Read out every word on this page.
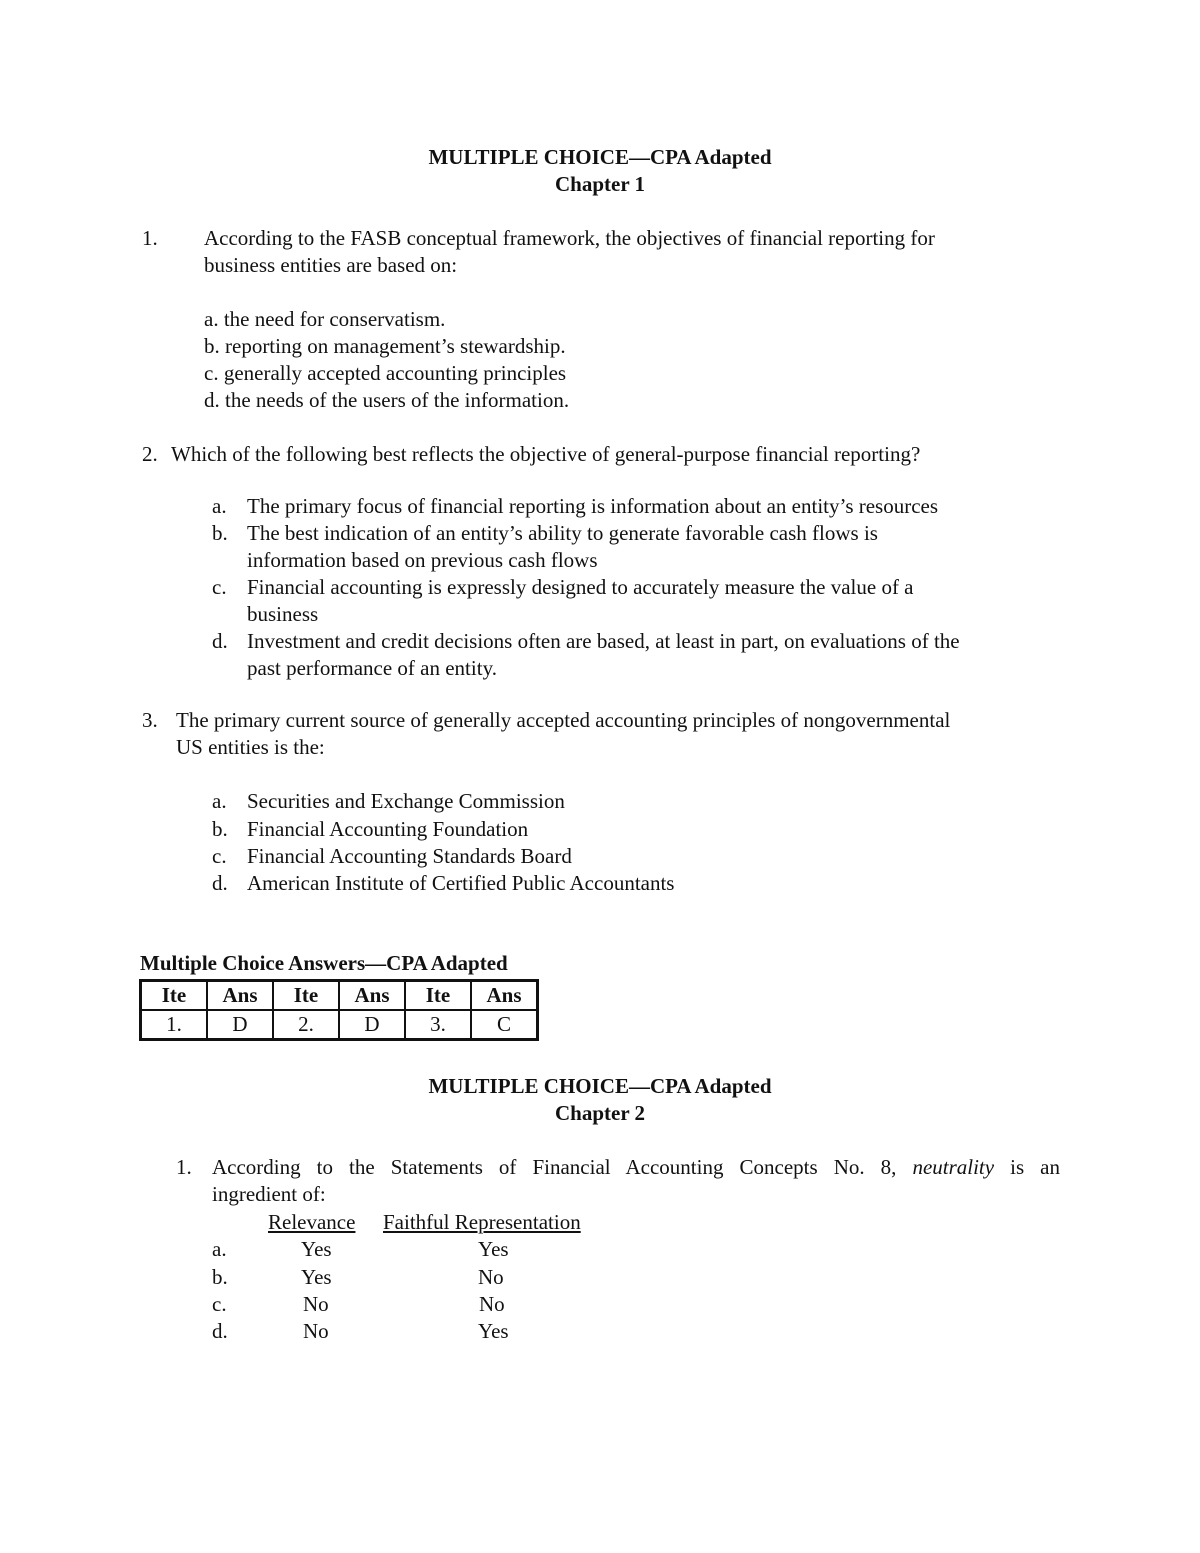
MULTIPLE CHOICE—CPA Adapted
Chapter 1
1. According to the FASB conceptual framework, the objectives of financial reporting for
business entities are based on:
a. the need for conservatism.
b. reporting on management’s stewardship.
c. generally accepted accounting principles
d. the needs of the users of the information.
2. Which of the following best reflects the objective of general-purpose financial reporting?
a. The primary focus of financial reporting is information about an entity’s resources
b. The best indication of an entity’s ability to generate favorable cash flows is
information based on previous cash flows
c. Financial accounting is expressly designed to accurately measure the value of a
business
d. Investment and credit decisions often are based, at least in part, on evaluations of the
past performance of an entity.
3. The primary current source of generally accepted accounting principles of nongovernmental
US entities is the:
a. Securities and Exchange Commission
b. Financial Accounting Foundation
c. Financial Accounting Standards Board
d. American Institute of Certified Public Accountants
Multiple Choice Answers—CPA Adapted
Ite	Ans	Ite	Ans	Ite	Ans
1.	D	2.	D	3.	C
MULTIPLE CHOICE—CPA Adapted
Chapter 2
1. According to the Statements of Financial Accounting Concepts No. 8, neutrality is an
ingredient of:
Relevance Faithful Representation
a.	Yes	Yes
b.	Yes	No
c.	No	No
d.	No	Yes
